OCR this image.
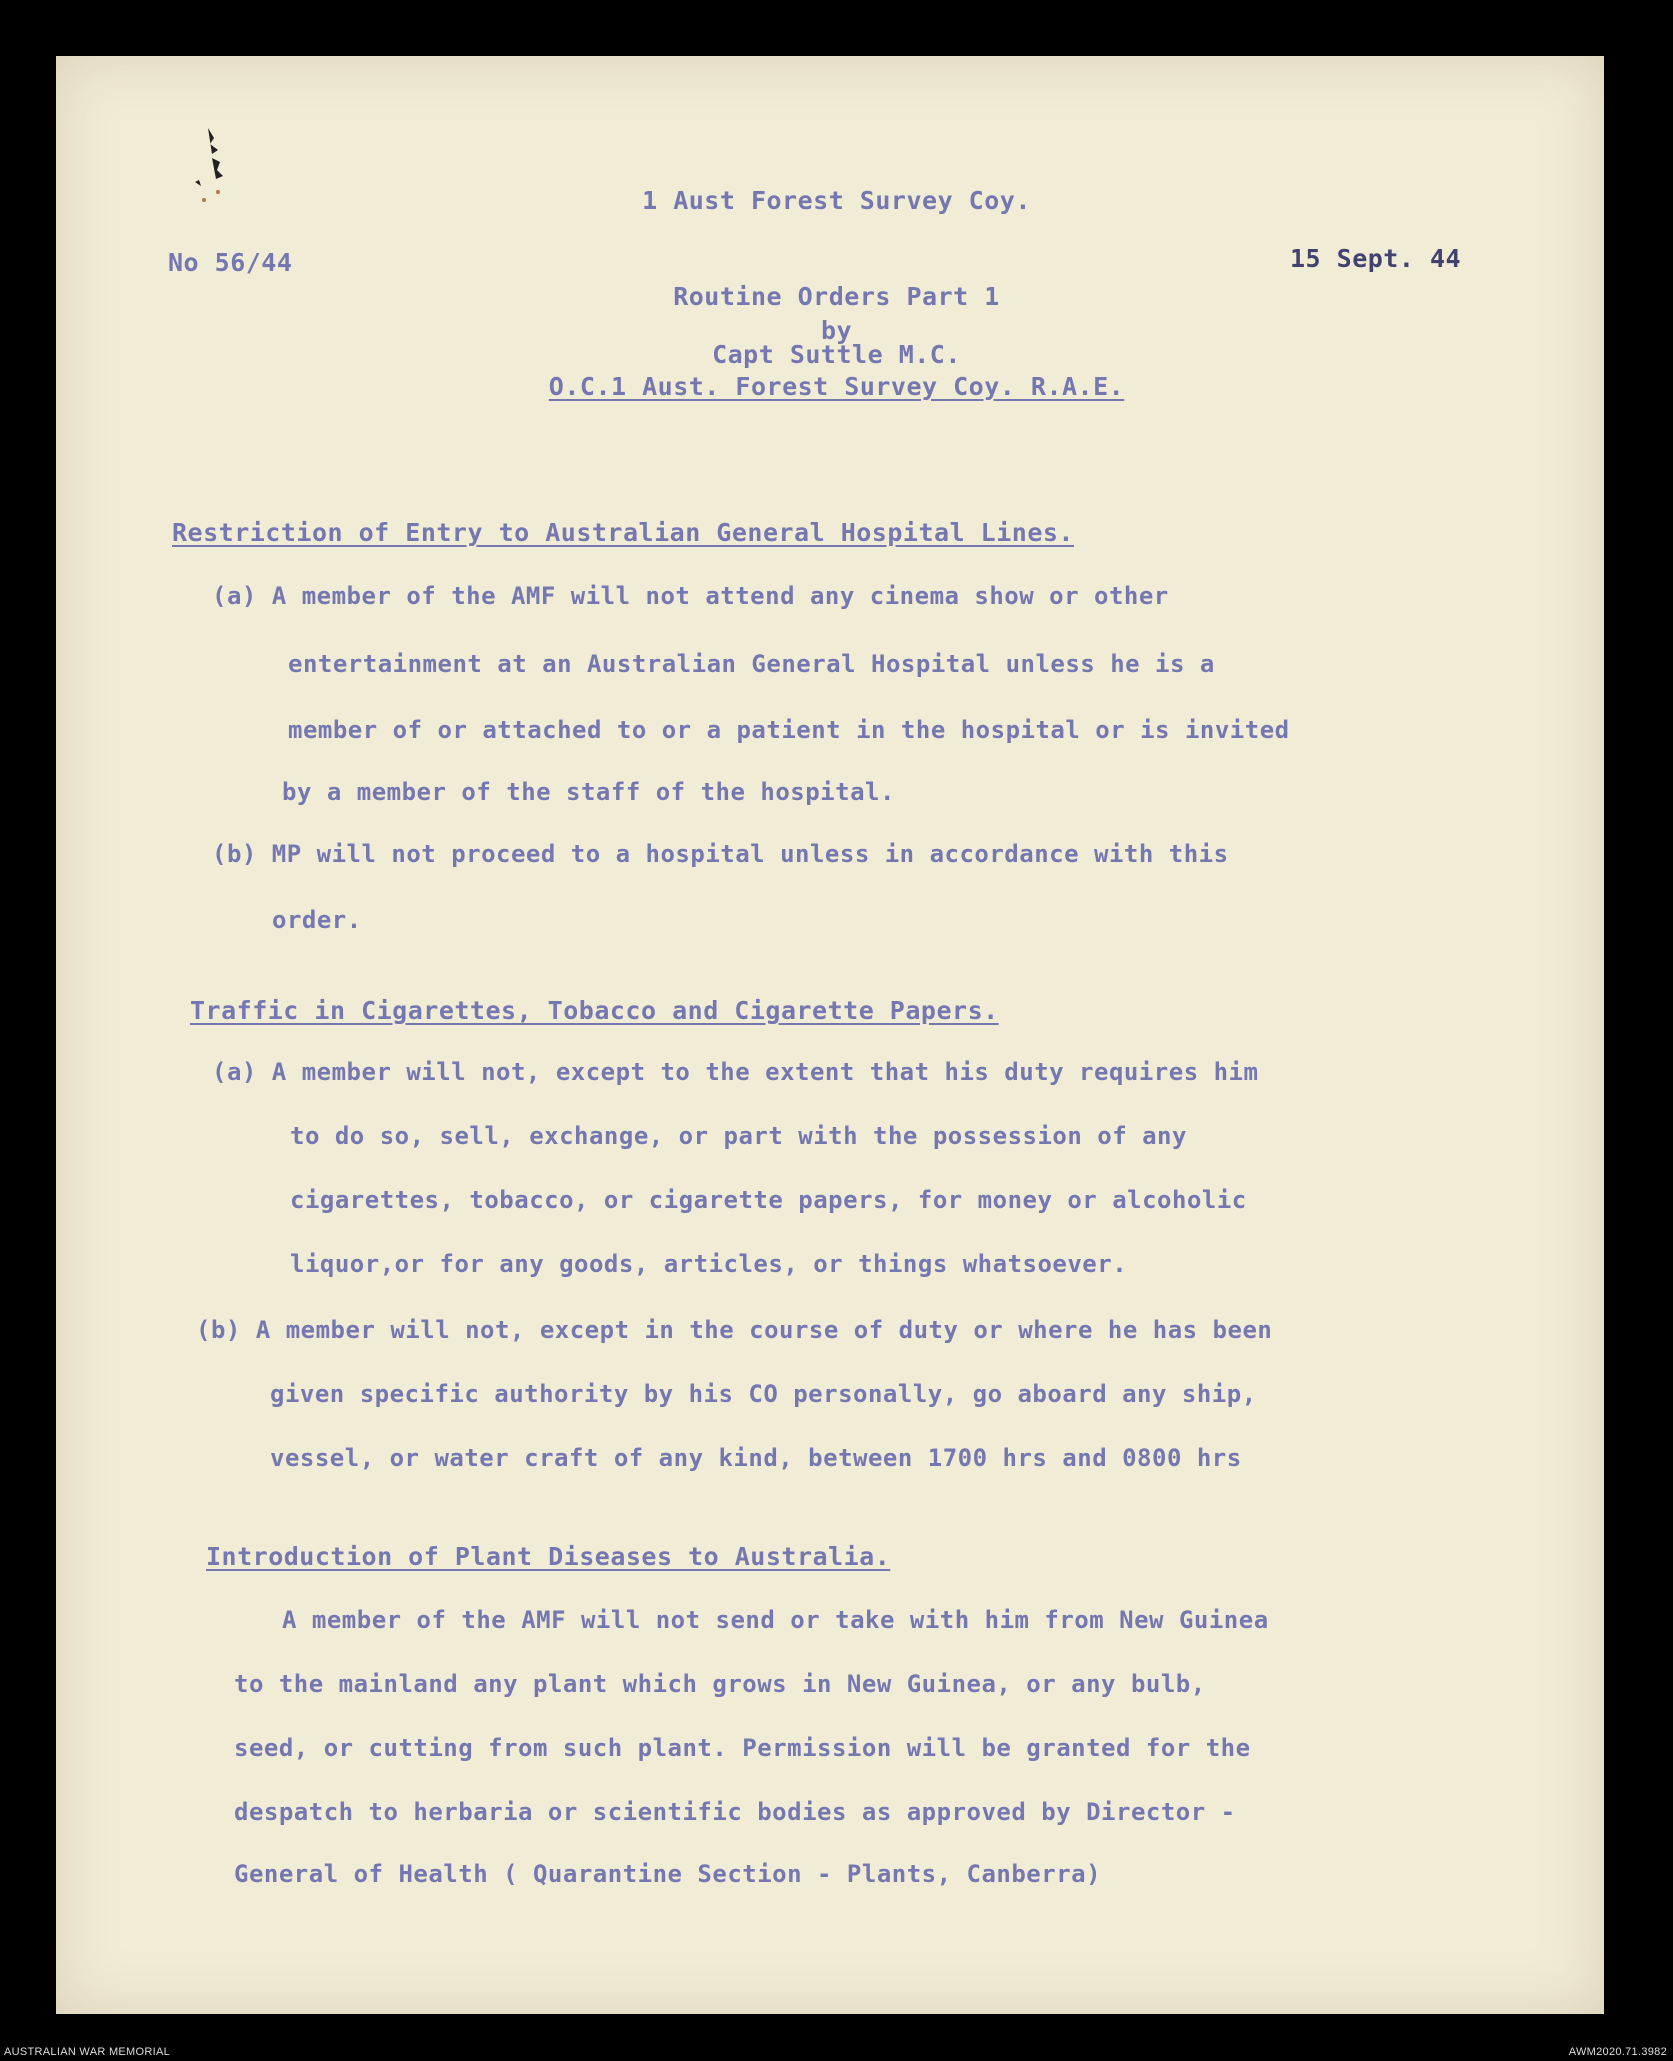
1 Aust Forest Survey Coy.
No 56/44	15 Sept. 44
Routine Orders Part 1
by
Capt Suttle M.C.
O.C.1 Aust. Forest Survey Coy. R.A.E.
Restriction of Entry to Australian General Hospital Lines.
(a) A member of the AMF will not attend any cinema show or other
entertainment at an Australian General Hospital unless he is a
member of or attached to or a patient in the hospital or is invited
by a member of the staff of the hospital.
(b) MP will not proceed to a hospital unless in accordance with this
order.
Traffic in Cigarettes, Tobacco and Cigarette Papers.
(a) A member will not, except to the extent that his duty requires him
to do so, sell, exchange, or part with the possession of any
cigarettes, tobacco, or cigarette papers, for money or alcoholic
liquor,or for any goods, articles, or things whatsoever.
(b) A member will not, except in the course of duty or where he has been
given specific authority by his CO personally, go aboard any ship,
vessel, or water craft of any kind, between 1700 hrs and 0800 hrs
Introduction of Plant Diseases to Australia.
A member of the AMF will not send or take with him from New Guinea
to the mainland any plant which grows in New Guinea, or any bulb,
seed, or cutting from such plant. Permission will be granted for the
despatch to herbaria or scientific bodies as approved by Director -
General of Health ( Quarantine Section - Plants, Canberra)
AUSTRALIAN WAR MEMORIAL	AWM2020.71.3982
